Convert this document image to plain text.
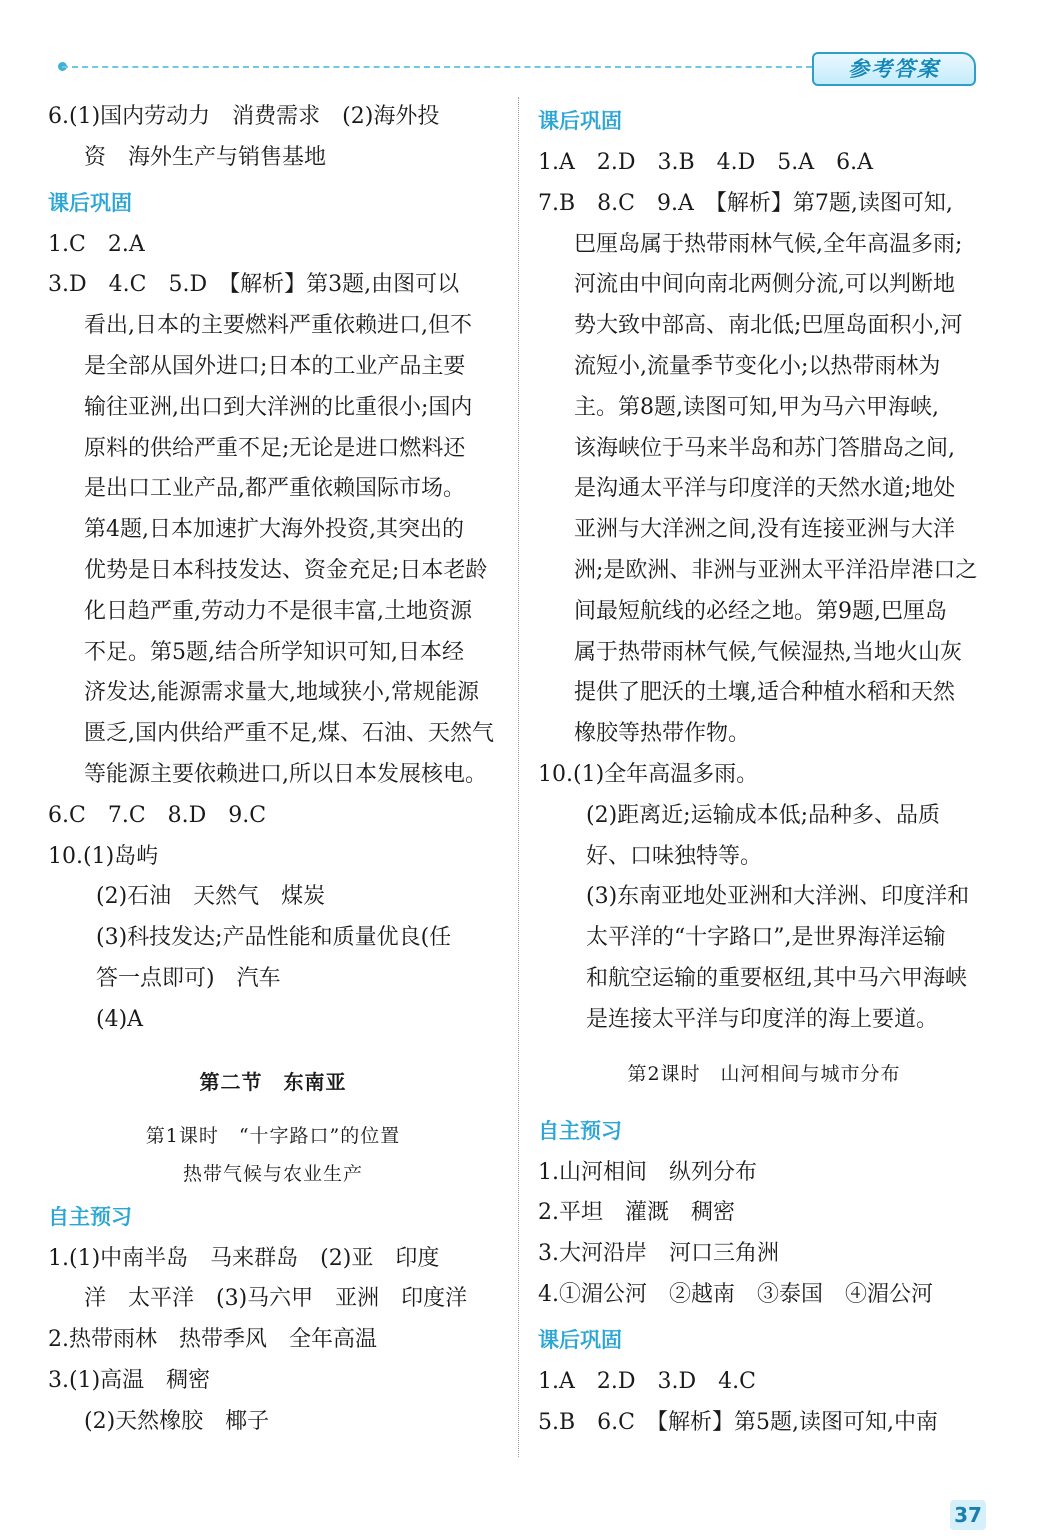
参考答案
6.(1)国内劳动力　消费需求　(2)海外投
资　海外生产与销售基地
课后巩固
1.C　2.A
3.D　4.C　5.D　【解析】第3题,由图可以
看出,日本的主要燃料严重依赖进口,但不
是全部从国外进口;日本的工业产品主要
输往亚洲,出口到大洋洲的比重很小;国内
原料的供给严重不足;无论是进口燃料还
是出口工业产品,都严重依赖国际市场。
第4题,日本加速扩大海外投资,其突出的
优势是日本科技发达、资金充足;日本老龄
化日趋严重,劳动力不是很丰富,土地资源
不足。第5题,结合所学知识可知,日本经
济发达,能源需求量大,地域狭小,常规能源
匮乏,国内供给严重不足,煤、石油、天然气
等能源主要依赖进口,所以日本发展核电。
6.C　7.C　8.D　9.C
10.(1)岛屿
(2)石油　天然气　煤炭
(3)科技发达;产品性能和质量优良(任
答一点即可)　汽车
(4)A
第二节　东南亚
第1课时　“十字路口”的位置
热带气候与农业生产
自主预习
1.(1)中南半岛　马来群岛　(2)亚　印度
洋　太平洋　(3)马六甲　亚洲　印度洋
2.热带雨林　热带季风　全年高温
3.(1)高温　稠密
(2)天然橡胶　椰子
课后巩固
1.A　2.D　3.B　4.D　5.A　6.A
7.B　8.C　9.A　【解析】第7题,读图可知,
巴厘岛属于热带雨林气候,全年高温多雨;
河流由中间向南北两侧分流,可以判断地
势大致中部高、南北低;巴厘岛面积小,河
流短小,流量季节变化小;以热带雨林为
主。第8题,读图可知,甲为马六甲海峡,
该海峡位于马来半岛和苏门答腊岛之间,
是沟通太平洋与印度洋的天然水道;地处
亚洲与大洋洲之间,没有连接亚洲与大洋
洲;是欧洲、非洲与亚洲太平洋沿岸港口之
间最短航线的必经之地。第9题,巴厘岛
属于热带雨林气候,气候湿热,当地火山灰
提供了肥沃的土壤,适合种植水稻和天然
橡胶等热带作物。
10.(1)全年高温多雨。
(2)距离近;运输成本低;品种多、品质
好、口味独特等。
(3)东南亚地处亚洲和大洋洲、印度洋和
太平洋的“十字路口”,是世界海洋运输
和航空运输的重要枢纽,其中马六甲海峡
是连接太平洋与印度洋的海上要道。
第2课时　山河相间与城市分布
自主预习
1.山河相间　纵列分布
2.平坦　灌溉　稠密
3.大河沿岸　河口三角洲
4.①湄公河　②越南　③泰国　④湄公河
课后巩固
1.A　2.D　3.D　4.C
5.B　6.C　【解析】第5题,读图可知,中南
37
